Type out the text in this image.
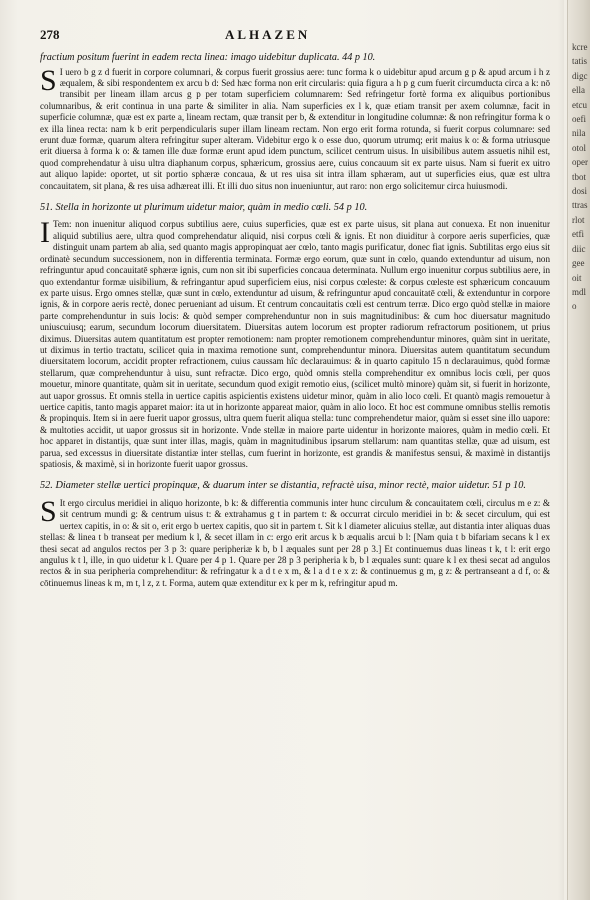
278	ALHAZEN

fractium positum fuerint in eadem recta linea: imago uidebitur duplicata. 44 p 10.

S I uero b g z d fuerit in corpore columnari, & corpus fuerit grossius aere: tunc forma k o uidebitur apud arcum g p & apud arcum i h z æqualem, & sibi respondentem ex arcu b d: Sed hæc forma non erit circularis: quia figura a h p g cum fuerit circumducta circa a k: nō transibit per lineam illam arcus g p per totam superficiem columnarem: Sed refringetur fortè forma ex aliquibus portionibus columnaribus, & erit continua in una parte & similiter in alia. Nam superficies ex l k, quæ etiam transit per axem columnæ, facit in superficie columnæ, quæ est ex parte a, lineam rectam, quæ transit per b, & extenditur in longitudine columnæ: & non refringitur forma k o ex illa linea recta: nam k b erit perpendicularis super illam lineam rectam. Non ergo erit forma rotunda, si fuerit corpus columnare: sed erunt duæ formæ, quarum altera refringitur super alteram. Videbitur ergo k o esse duo, quorum utrumq; erit maius k o: & forma utriusque erit diuersa à forma k o: & tamen ille duæ formæ erunt apud idem punctum, scilicet centrum uisus. In uisibilibus autem assuetis nihil est, quod comprehendatur à uisu ultra diaphanum corpus, sphæricum, grossius aere, cuius concauum sit ex parte uisus. Nam si fuerit ex uitro aut aliquo lapide: oportet, ut sit portio sphæræ concaua, & ut res uisa sit intra illam sphæram, aut ut superficies eius, quæ est ultra concauitatem, sit plana, & res uisa adhæreat illi. Et illi duo situs non inueniuntur, aut raro: non ergo solicitemur circa huiusmodi.

51. Stella in horizonte ut plurimum uidetur maior, quàm in medio cœli. 54 p 10.

I Tem: non inuenitur aliquod corpus subtilius aere, cuius superficies, quæ est ex parte uisus, sit plana aut conuexa. Et non inuenitur aliquid subtilius aere, ultra quod comprehendatur aliquid, nisi corpus cœli & ignis. Et non diuiditur à corpore aeris superficies, quæ distinguit unam partem ab alia, sed quanto magis appropinquat aer cœlo, tanto magis purificatur, donec fiat ignis. Subtilitas ergo eius sit ordinatè secundum successionem, non in differentia terminata. Formæ ergo eorum, quæ sunt in cœlo, quando extenduntur ad uisum, non refringuntur apud concauitatē sphæræ ignis, cum non sit ibi superficies concaua determinata. Nullum ergo inuenitur corpus subtilius aere, in quo extendantur formæ uisibilium, & refringantur apud superficiem eius, nisi corpus cœleste: & corpus cœleste est sphæricum concauum ex parte uisus. Ergo omnes stellæ, quæ sunt in cœlo, extenduntur ad uisum, & refringuntur apud concauitatē cœli, & extenduntur in corpore ignis, & in corpore aeris rectè, donec perueniant ad uisum. Et centrum concauitatis cœli est centrum terræ. Dico ergo quòd stellæ in maiore parte comprehenduntur in suis locis: & quòd semper comprehenduntur non in suis magnitudinibus: & cum hoc diuersatur magnitudo uniuscuiusq; earum, secundum locorum diuersitatem. Diuersitas autem locorum est propter radiorum refractorum positionem, ut prius diximus. Diuersitas autem quantitatum est propter remotionem: nam propter remotionem comprehenduntur minores, quàm sint in ueritate, ut diximus in tertio tractatu, scilicet quia in maxima remotione sunt, comprehenduntur minora. Diuersitas autem quantitatum secundum diuersitatem locorum, accidit propter refractionem, cuius caussam hîc declarauimus: & in quarto capitulo 15 n declarauimus, quòd formæ stellarum, quæ comprehenduntur à uisu, sunt refractæ. Dico ergo, quòd omnis stella comprehenditur ex omnibus locis cœli, per quos mouetur, minore quantitate, quàm sit in ueritate, secundum quod exigit remotio eius, (scilicet multò minore) quàm sit, si fuerit in horizonte, aut uapor grossus. Et omnis stella in uertice capitis aspicientis existens uidetur minor, quàm in alio loco cœli. Et quantò magis remouetur à uertice capitis, tanto magis apparet maior: ita ut in horizonte appareat maior, quàm in alio loco. Et hoc est commune omnibus stellis remotis & propinquis. Item si in aere fuerit uapor grossus, ultra quem fuerit aliqua stella: tunc comprehendetur maior, quàm si esset sine illo uapore: & multoties accidit, ut uapor grossus sit in horizonte. Vnde stellæ in maiore parte uidentur in horizonte maiores, quàm in medio cœli. Et hoc apparet in distantijs, quæ sunt inter illas, magis, quàm in magnitudinibus ipsarum stellarum: nam quantitas stellæ, quæ ad uisum, est parua, sed excessus in diuersitate distantiæ inter stellas, cum fuerint in horizonte, est grandis & manifestus sensui, & maximè in distantijs spatiosis, & maximè, si in horizonte fuerit uapor grossus.

52. Diameter stellæ uertici propinquæ, & duarum inter se distantia, refractè uisa, minor rectè, maior uidetur. 51 p 10.

S It ergo circulus meridiei in aliquo horizonte, b k: & differentia communis inter hunc circulum & concauitatem cœli, circulus m e z: & sit centrum mundi g: & centrum uisus t: & extrahamus g t in partem t: & occurrat circulo meridiei in b: & secet circulum, qui est uertex capitis, in o: & sit o, erit ergo b uertex capitis, quo sit in partem t. Sit k l diameter alicuius stellæ, aut distantia inter aliquas duas stellas: & linea t b transeat per medium k l, & secet illam in c: ergo erit arcus k b æqualis arcui b l: [Nam quia t b bifariam secans k l ex thesi secat ad angulos rectos per 3 p 3: quare peripheriæ k b, b l æquales sunt per 28 p 3.] Et continuemus duas lineas t k, t l: erit ergo angulus k t l, ille, in quo uidetur k l. Quare per 4 p 1. Quare per 28 p 3 peripheria k b, b l æquales sunt: quare k l ex thesi secat ad angulos rectos & in sua peripheria comprehenditur: & refringatur k a d t e x m, & l a d t e x z: & continuemus g m, g z: & pertranseant a d f, o: & cōtinuemus lineas k m, m t, l z, z t. Forma, autem quæ extenditur ex k per m k, refringitur apud m.

kcretatisdigcellaetcuoefinilaotolopertbotdosittrasrlotetfidiicgeeoitmdlo
